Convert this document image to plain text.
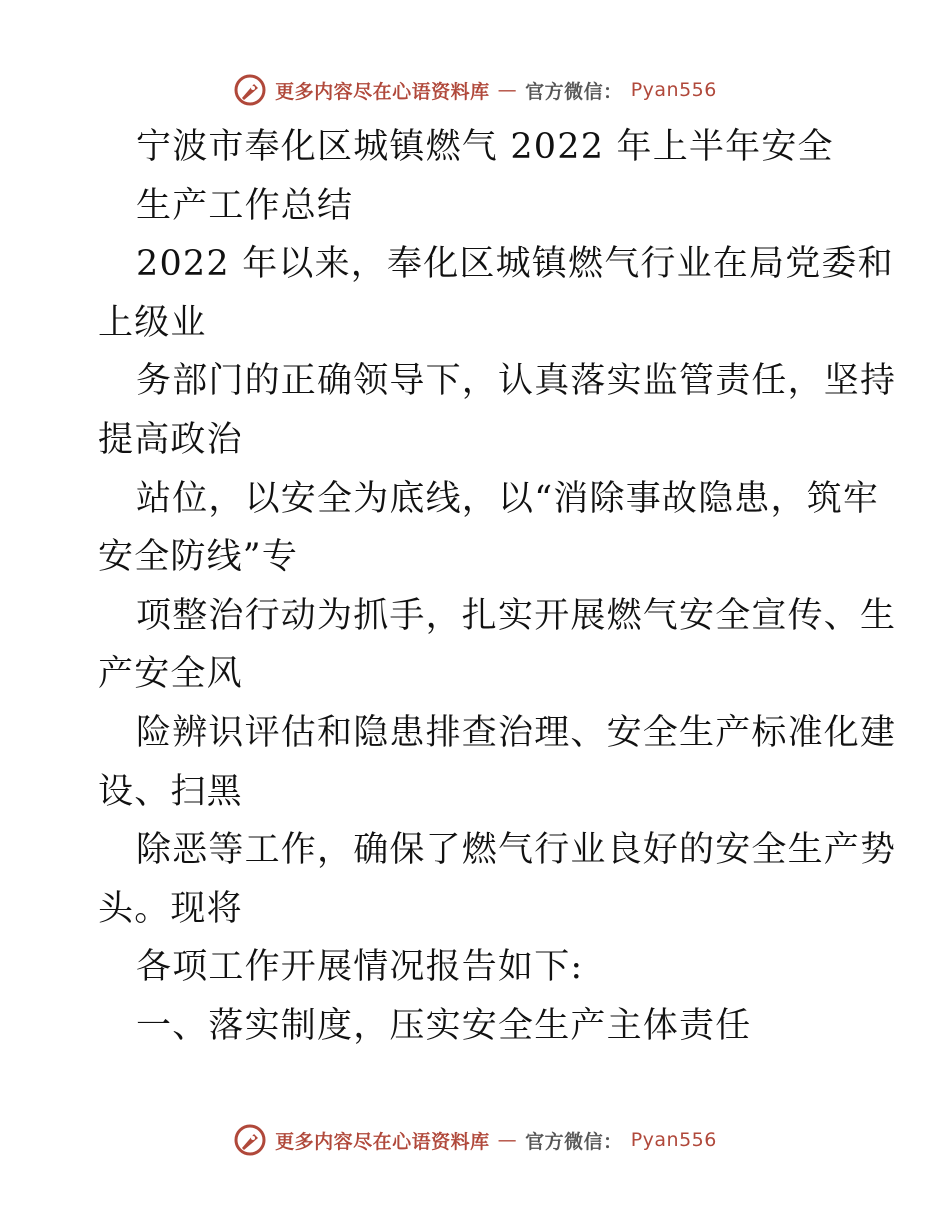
更多内容尽在心语资料库 — 官方微信： Pyan556
宁波市奉化区城镇燃气 2022 年上半年安全
生产工作总结
2022 年以来，奉化区城镇燃气行业在局党委和
上级业
务部门的正确领导下，认真落实监管责任，坚持
提高政治
站位，以安全为底线，以“消除事故隐患，筑牢
安全防线”专
项整治行动为抓手，扎实开展燃气安全宣传、生
产安全风
险辨识评估和隐患排查治理、安全生产标准化建
设、扫黑
除恶等工作，确保了燃气行业良好的安全生产势
头。现将
各项工作开展情况报告如下:
一、落实制度，压实安全生产主体责任
更多内容尽在心语资料库 — 官方微信： Pyan556
